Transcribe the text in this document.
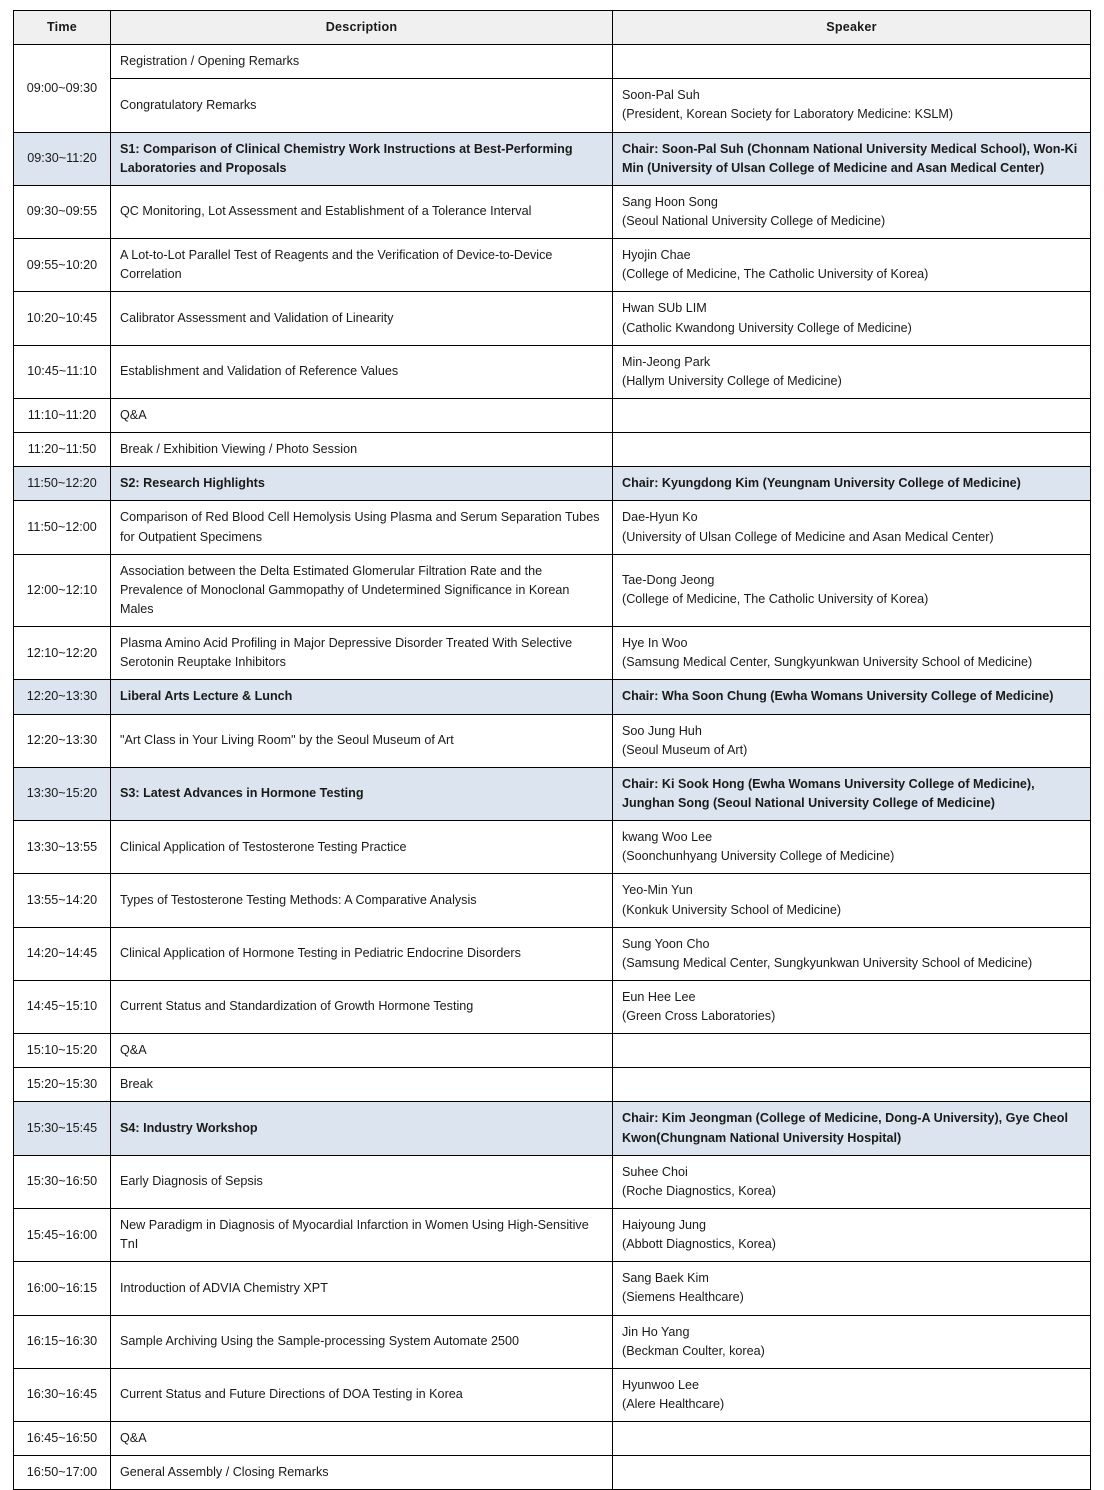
Time	Description	Speaker
09:00~09:30	Registration / Opening Remarks	
	Congratulatory Remarks	Soon-Pal Suh
(President, Korean Society for Laboratory Medicine: KSLM)

09:30~11:20	S1: Comparison of Clinical Chemistry Work Instructions at Best-Performing Laboratories and Proposals	Chair: Soon-Pal Suh (Chonnam National University Medical School), Won-Ki Min (University of Ulsan College of Medicine and Asan Medical Center)

09:30~09:55	QC Monitoring, Lot Assessment and Establishment of a Tolerance Interval	Sang Hoon Song
(Seoul National University College of Medicine)

09:55~10:20	A Lot-to-Lot Parallel Test of Reagents and the Verification of Device-to-Device Correlation	Hyojin Chae
(College of Medicine, The Catholic University of Korea)

10:20~10:45	Calibrator Assessment and Validation of Linearity	Hwan SUb LIM
(Catholic Kwandong University College of Medicine)

10:45~11:10	Establishment and Validation of Reference Values	Min-Jeong Park
(Hallym University College of Medicine)

11:10~11:20	Q&A	
11:20~11:50	Break / Exhibition Viewing / Photo Session	
11:50~12:20	S2: Research Highlights	Chair: Kyungdong Kim (Yeungnam University College of Medicine)

11:50~12:00	Comparison of Red Blood Cell Hemolysis Using Plasma and Serum Separation Tubes for Outpatient Specimens	Dae-Hyun Ko
(University of Ulsan College of Medicine and Asan Medical Center)

12:00~12:10	Association between the Delta Estimated Glomerular Filtration Rate and the Prevalence of Monoclonal Gammopathy of Undetermined Significance in Korean Males	Tae-Dong Jeong
(College of Medicine, The Catholic University of Korea)

12:10~12:20	Plasma Amino Acid Profiling in Major Depressive Disorder Treated With Selective Serotonin Reuptake Inhibitors	Hye In Woo
(Samsung Medical Center, Sungkyunkwan University School of Medicine)

12:20~13:30	Liberal Arts Lecture & Lunch	Chair: Wha Soon Chung (Ewha Womans University College of Medicine)

12:20~13:30	"Art Class in Your Living Room" by the Seoul Museum of Art	Soo Jung Huh
(Seoul Museum of Art)

13:30~15:20	S3: Latest Advances in Hormone Testing	Chair: Ki Sook Hong (Ewha Womans University College of Medicine), Junghan Song (Seoul National University College of Medicine)

13:30~13:55	Clinical Application of Testosterone Testing Practice	kwang Woo Lee
(Soonchunhyang University College of Medicine)

13:55~14:20	Types of Testosterone Testing Methods: A Comparative Analysis	Yeo-Min Yun
(Konkuk University School of Medicine)

14:20~14:45	Clinical Application of Hormone Testing in Pediatric Endocrine Disorders	Sung Yoon Cho
(Samsung Medical Center, Sungkyunkwan University School of Medicine)

14:45~15:10	Current Status and Standardization of Growth Hormone Testing	Eun Hee Lee
(Green Cross Laboratories)

15:10~15:20	Q&A	
15:20~15:30	Break	
15:30~15:45	S4: Industry Workshop	Chair: Kim Jeongman (College of Medicine, Dong-A University), Gye Cheol Kwon(Chungnam National University Hospital)

15:30~16:50	Early Diagnosis of Sepsis	Suhee Choi
(Roche Diagnostics, Korea)

15:45~16:00	New Paradigm in Diagnosis of Myocardial Infarction in Women Using High-Sensitive TnI	Haiyoung Jung
(Abbott Diagnostics, Korea)

16:00~16:15	Introduction of ADVIA Chemistry XPT	Sang Baek Kim
(Siemens Healthcare)

16:15~16:30	Sample Archiving Using the Sample-processing System Automate 2500	Jin Ho Yang
(Beckman Coulter, korea)

16:30~16:45	Current Status and Future Directions of DOA Testing in Korea	Hyunwoo Lee
(Alere Healthcare)

16:45~16:50	Q&A	
16:50~17:00	General Assembly / Closing Remarks	
